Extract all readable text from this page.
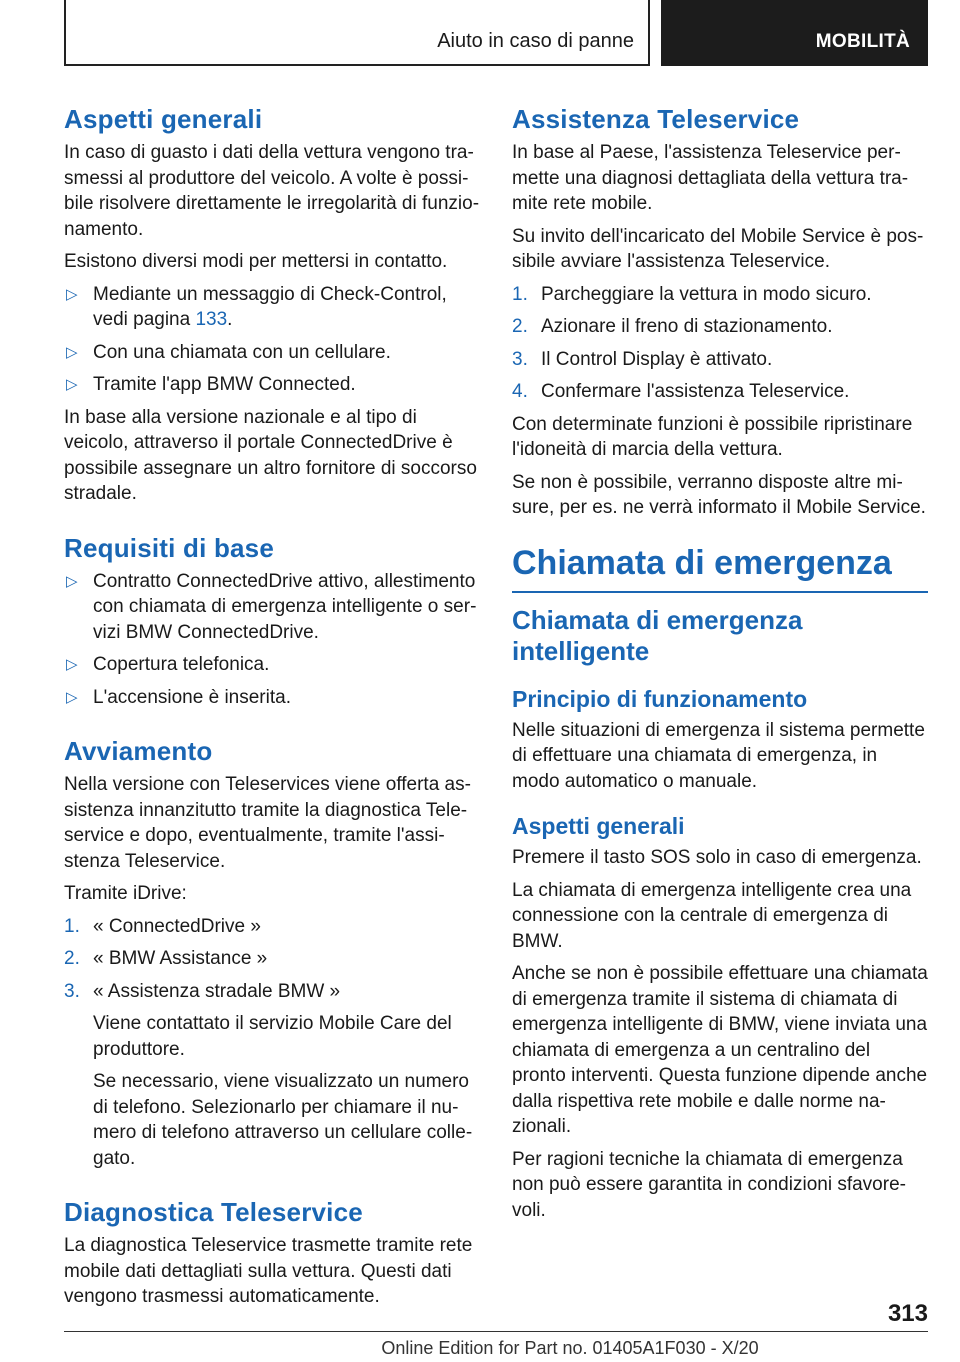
Aiuto in caso di panne	MOBILITÀ
Aspetti generali

In caso di guasto i dati della vettura vengono trasmessi al produttore del veicolo. A volte è possibile risolvere direttamente le irregolarità di funzionamento.

Esistono diversi modi per mettersi in contatto.

▷ Mediante un messaggio di Check-Control, vedi pagina 133.
▷ Con una chiamata con un cellulare.
▷ Tramite l'app BMW Connected.

In base alla versione nazionale e al tipo di veicolo, attraverso il portale ConnectedDrive è possibile assegnare un altro fornitore di soccorso stradale.

Requisiti di base
▷ Contratto ConnectedDrive attivo, allestimento con chiamata di emergenza intelligente o servizi BMW ConnectedDrive.
▷ Copertura telefonica.
▷ L'accensione è inserita.
Avviamento

Nella versione con Teleservices viene offerta assistenza innanzitutto tramite la diagnostica Teleservice e dopo, eventualmente, tramite l'assistenza Teleservice.

Tramite iDrive:

1. « ConnectedDrive »
2. « BMW Assistance »
3. « Assistenza stradale BMW »
Viene contattato il servizio Mobile Care del produttore.
Se necessario, viene visualizzato un numero di telefono. Selezionarlo per chiamare il numero di telefono attraverso un cellulare collegato.
Diagnostica Teleservice

La diagnostica Teleservice trasmette tramite rete mobile dati dettagliati sulla vettura. Questi dati vengono trasmessi automaticamente.

Assistenza Teleservice

In base al Paese, l'assistenza Teleservice permette una diagnosi dettagliata della vettura tramite rete mobile.

Su invito dell'incaricato del Mobile Service è possibile avviare l'assistenza Teleservice.

1. Parcheggiare la vettura in modo sicuro.
2. Azionare il freno di stazionamento.
3. Il Control Display è attivato.
4. Confermare l'assistenza Teleservice.

Con determinate funzioni è possibile ripristinare l'idoneità di marcia della vettura.

Se non è possibile, verranno disposte altre misure, per es. ne verrà informato il Mobile Service.

Chiamata di emergenza
Chiamata di emergenza intelligente
Principio di funzionamento

Nelle situazioni di emergenza il sistema permette di effettuare una chiamata di emergenza, in modo automatico o manuale.

Aspetti generali

Premere il tasto SOS solo in caso di emergenza.

La chiamata di emergenza intelligente crea una connessione con la centrale di emergenza di BMW.

Anche se non è possibile effettuare una chiamata di emergenza tramite il sistema di chiamata di emergenza intelligente di BMW, viene inviata una chiamata di emergenza a un centralino del pronto interventi. Questa funzione dipende anche dalla rispettiva rete mobile e dalle norme nazionali.

Per ragioni tecniche la chiamata di emergenza non può essere garantita in condizioni sfavorevoli.

313
Online Edition for Part no. 01405A1F030 - X/20
